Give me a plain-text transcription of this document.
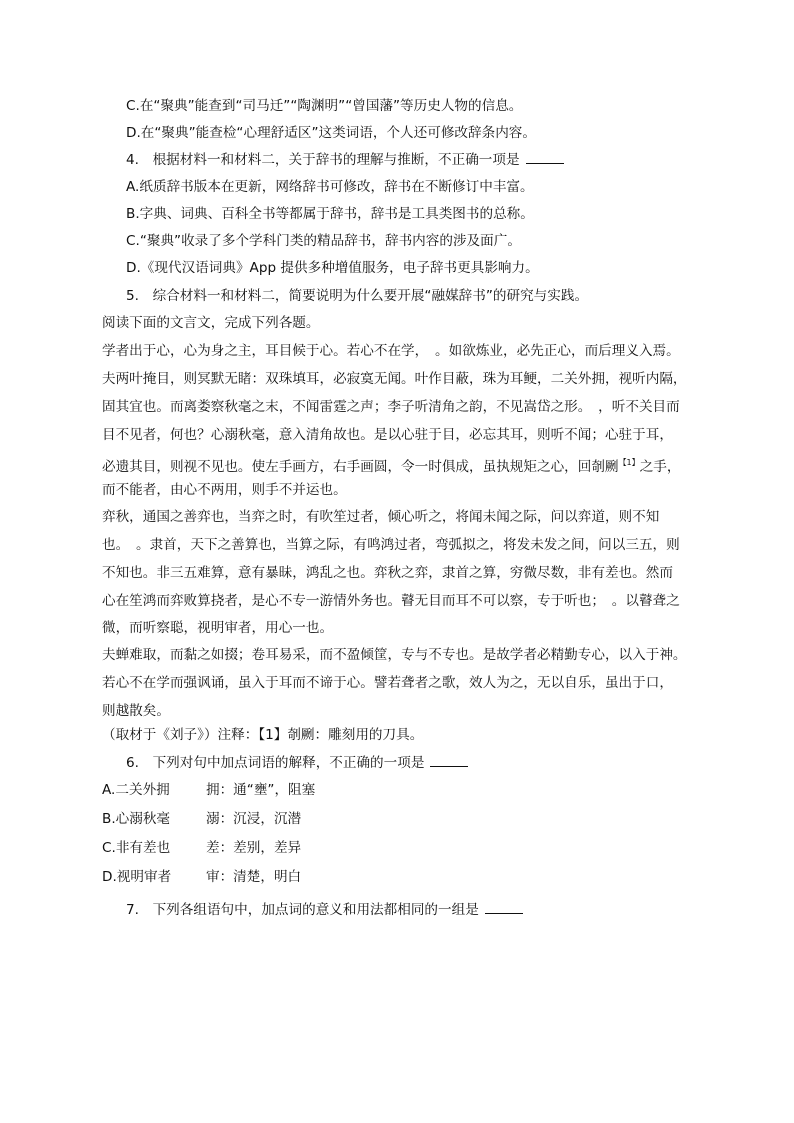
C.在“聚典”能查到“司马迁”“陶渊明”“曾国藩”等历史人物的信息。
D.在“聚典”能查检“心理舒适区”这类词语，个人还可修改辞条内容。
4.　根据材料一和材料二，关于辞书的理解与推断，不正确一项是
A.纸质辞书版本在更新，网络辞书可修改，辞书在不断修订中丰富。
B.字典、词典、百科全书等都属于辞书，辞书是工具类图书的总称。
C.“聚典”收录了多个学科门类的精品辞书，辞书内容的涉及面广。
D.《现代汉语词典》App 提供多种增值服务，电子辞书更具影响力。
5.　综合材料一和材料二，简要说明为什么要开展“融媒辞书”的研究与实践。
阅读下面的文言文，完成下列各题。
学者出于心，心为身之主，耳目候于心。若心不在学，　。如欲炼业，必先正心，而后理义入焉。
夫两叶掩目，则冥默无睹：双珠填耳，必寂寞无闻。叶作目蔽，珠为耳鲠，二关外拥，视听内隔，
固其宜也。而离娄察秋毫之末，不闻雷霆之声；李子听清角之韵，不见嵩岱之形。　，听不关目而
目不见者，何也？心溺秋毫，意入清角故也。是以心驻于目，必忘其耳，则听不闻；心驻于耳，
必遗其目，则视不见也。使左手画方，右手画圆，令一时俱成，虽执规矩之心，回剞劂$^{【1】}$之手，
而不能者，由心不两用，则手不并运也。
弈秋，通国之善弈也，当弈之时，有吹笙过者，倾心听之，将闻未闻之际，问以弈道，则不知
也。　。隶首，天下之善算也，当算之际，有鸣鸿过者，弯弧拟之，将发未发之间，问以三五，则
不知也。非三五难算，意有暴昧，鸿乱之也。弈秋之弈，隶首之算，穷微尽数，非有差也。然而
心在笙鸿而弈败算挠者，是心不专一游情外务也。瞽无目而耳不可以察，专于听也；　。以瞽聋之
微，而听察聪，视明审者，用心一也。
夫蝉难取，而黏之如掇；卷耳易采，而不盈倾筐，专与不专也。是故学者必精勤专心，以入于神。
若心不在学而强讽诵，虽入于耳而不谛于心。譬若聋者之歌，效人为之，无以自乐，虽出于口，
则越散矣。
（取材于《刘子》）注释：【1】剞劂：雕刻用的刀具。
6.　下列对句中加点词语的解释，不正确的一项是
A.二关外拥	拥：通“壅”，阻塞
B.心溺秋毫	溺：沉浸，沉潜
C.非有差也	差：差别，差异
D.视明审者	审：清楚，明白
7.　下列各组语句中，加点词的意义和用法都相同的一组是
